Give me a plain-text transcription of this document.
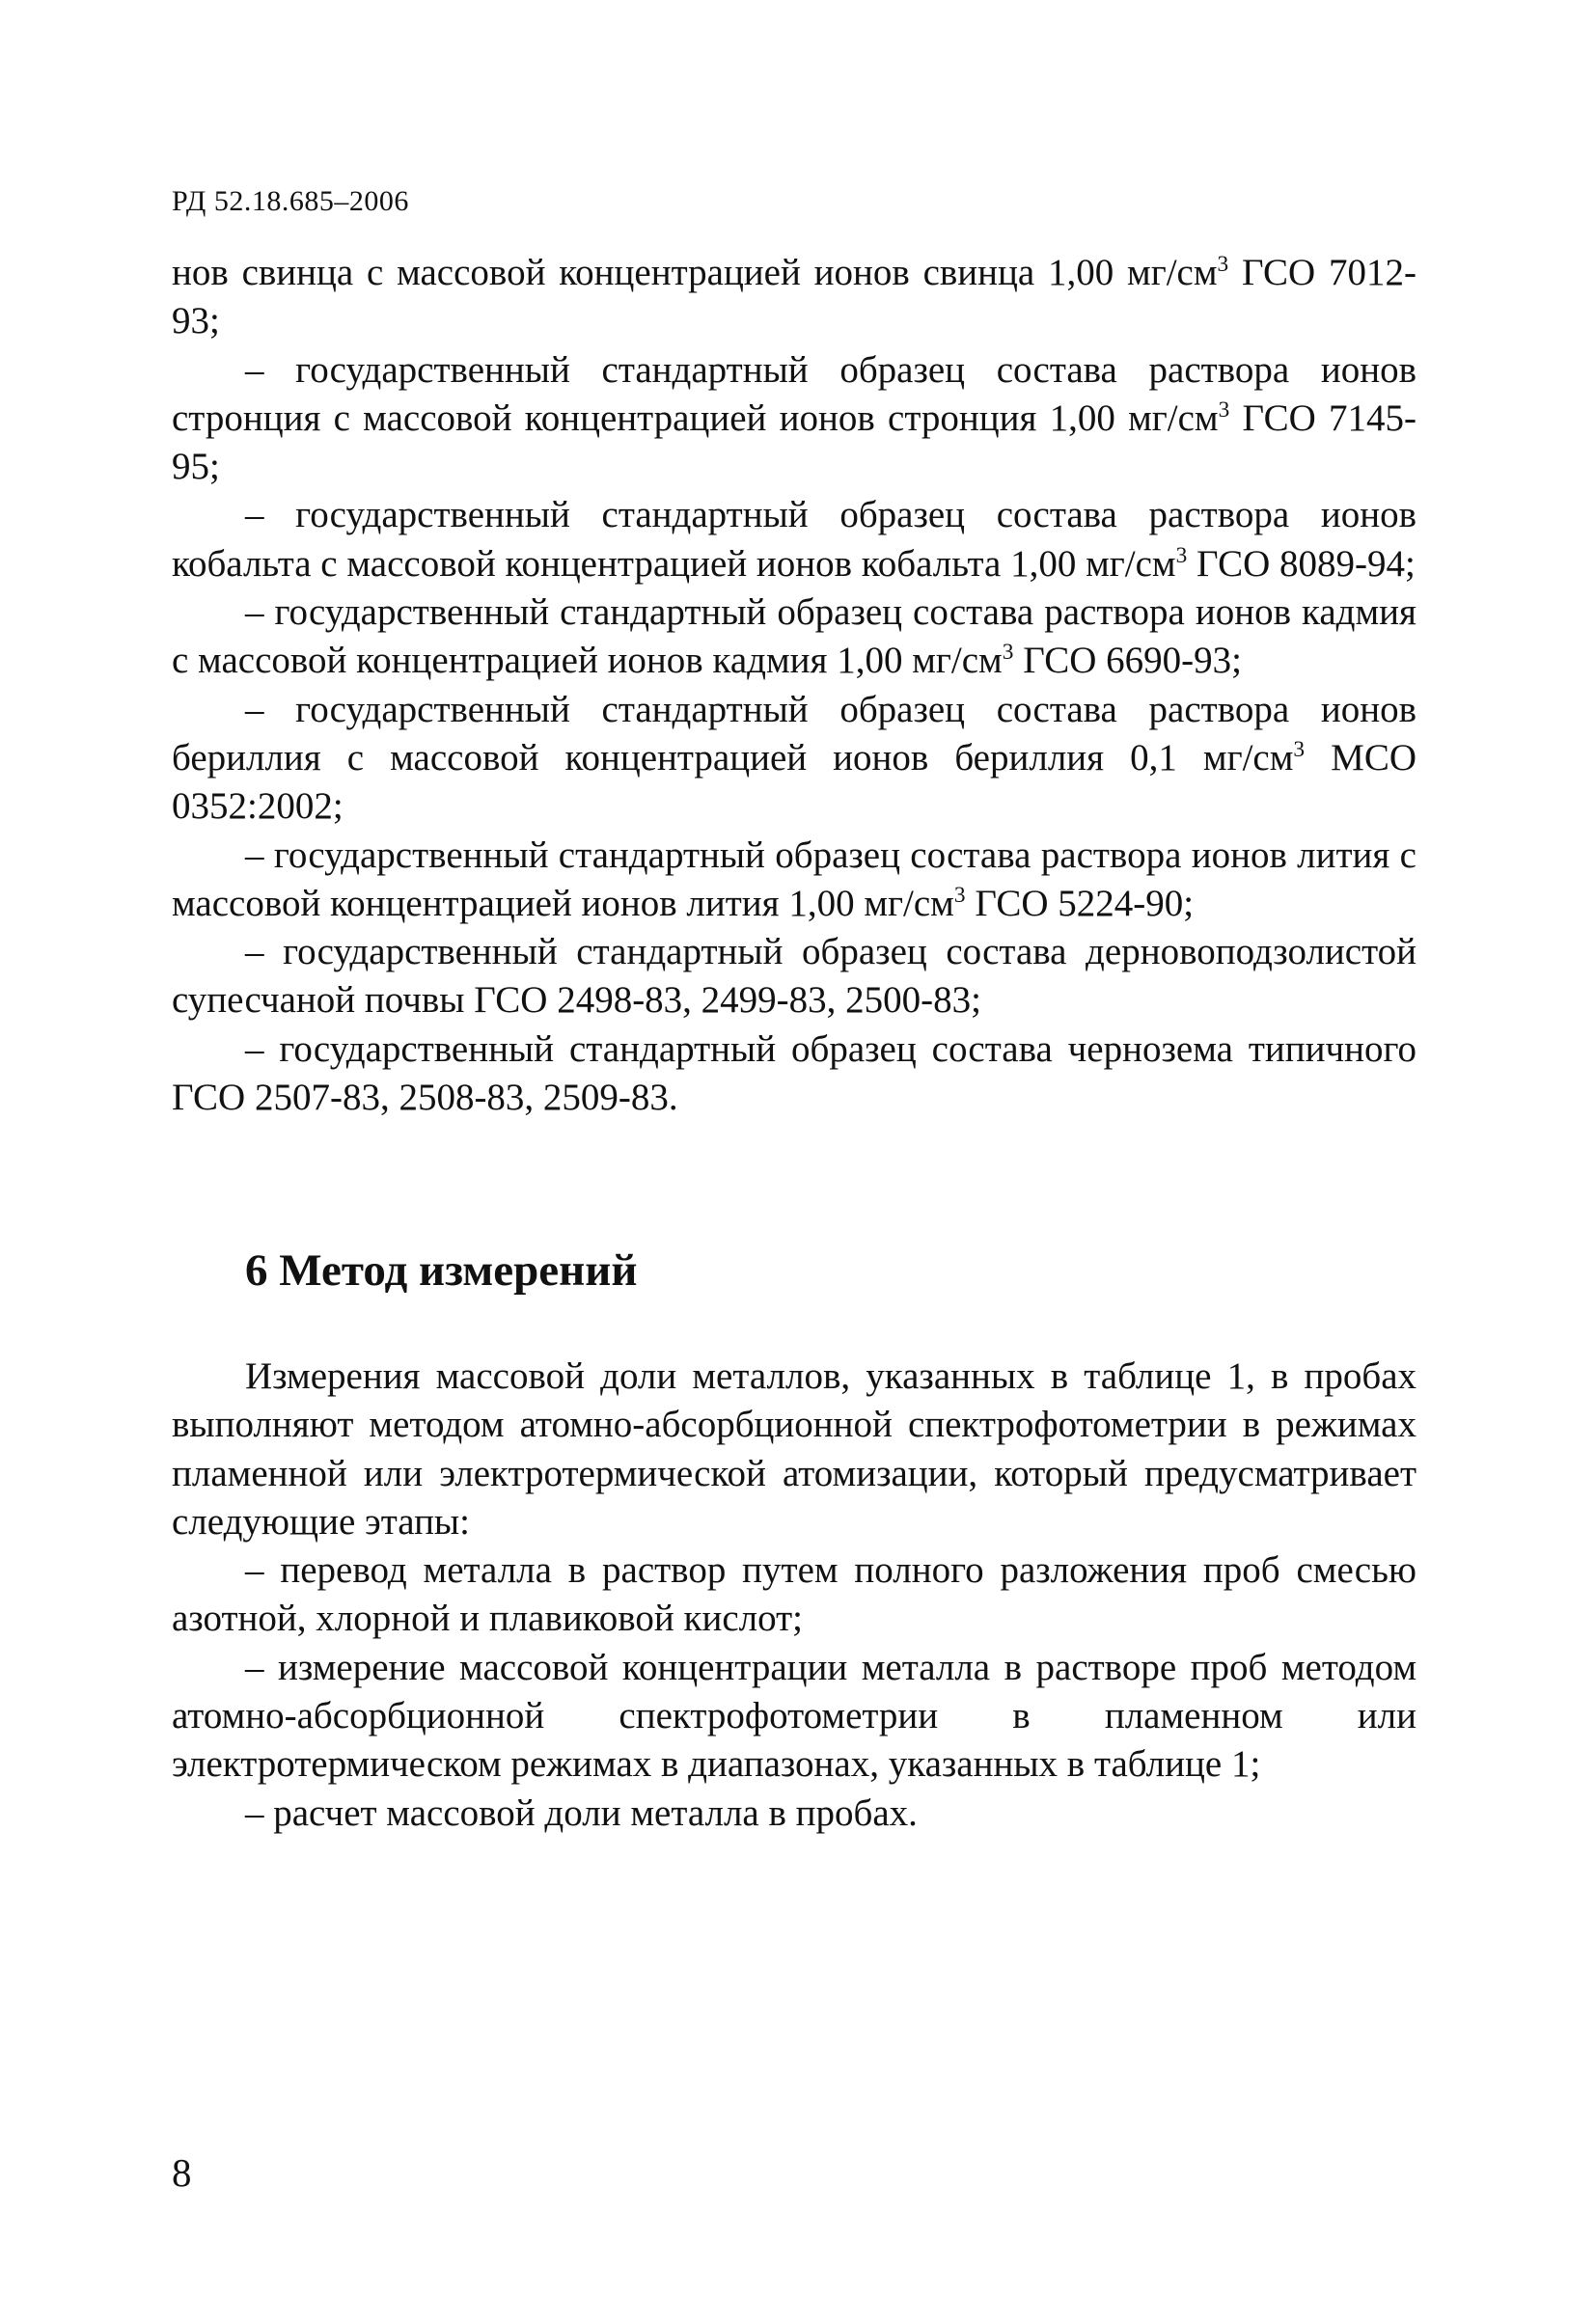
РД 52.18.685–2006

нов свинца с массовой концентрацией ионов свинца 1,00 $мг/см^3$ ГСО 7012-93;

– государственный стандартный образец состава раствора ионов стронция с массовой концентрацией ионов стронция 1,00 $мг/см^3$ ГСО 7145-95;

– государственный стандартный образец состава раствора ионов кобальта с массовой концентрацией ионов кобальта 1,00 $мг/см^3$ ГСО 8089-94;

– государственный стандартный образец состава раствора ионов кадмия с массовой концентрацией ионов кадмия 1,00 $мг/см^3$ ГСО 6690-93;

– государственный стандартный образец состава раствора ионов бериллия с массовой концентрацией ионов бериллия 0,1 $мг/см^3$ МСО 0352:2002;

– государственный стандартный образец состава раствора ионов лития с массовой концентрацией ионов лития 1,00 $мг/см^3$ ГСО 5224-90;

– государственный стандартный образец состава дерновоподзолистой супесчаной почвы ГСО 2498-83, 2499-83, 2500-83;

– государственный стандартный образец состава чернозема типичного ГСО 2507-83, 2508-83, 2509-83.

6 Метод измерений

Измерения массовой доли металлов, указанных в таблице 1, в пробах выполняют методом атомно-абсорбционной спектрофотометрии в режимах пламенной или электротермической атомизации, который предусматривает следующие этапы:

– перевод металла в раствор путем полного разложения проб смесью азотной, хлорной и плавиковой кислот;

– измерение массовой концентрации металла в растворе проб методом атомно-абсорбционной спектрофотометрии в пламенном или электротермическом режимах в диапазонах, указанных в таблице 1;

– расчет массовой доли металла в пробах.

8
